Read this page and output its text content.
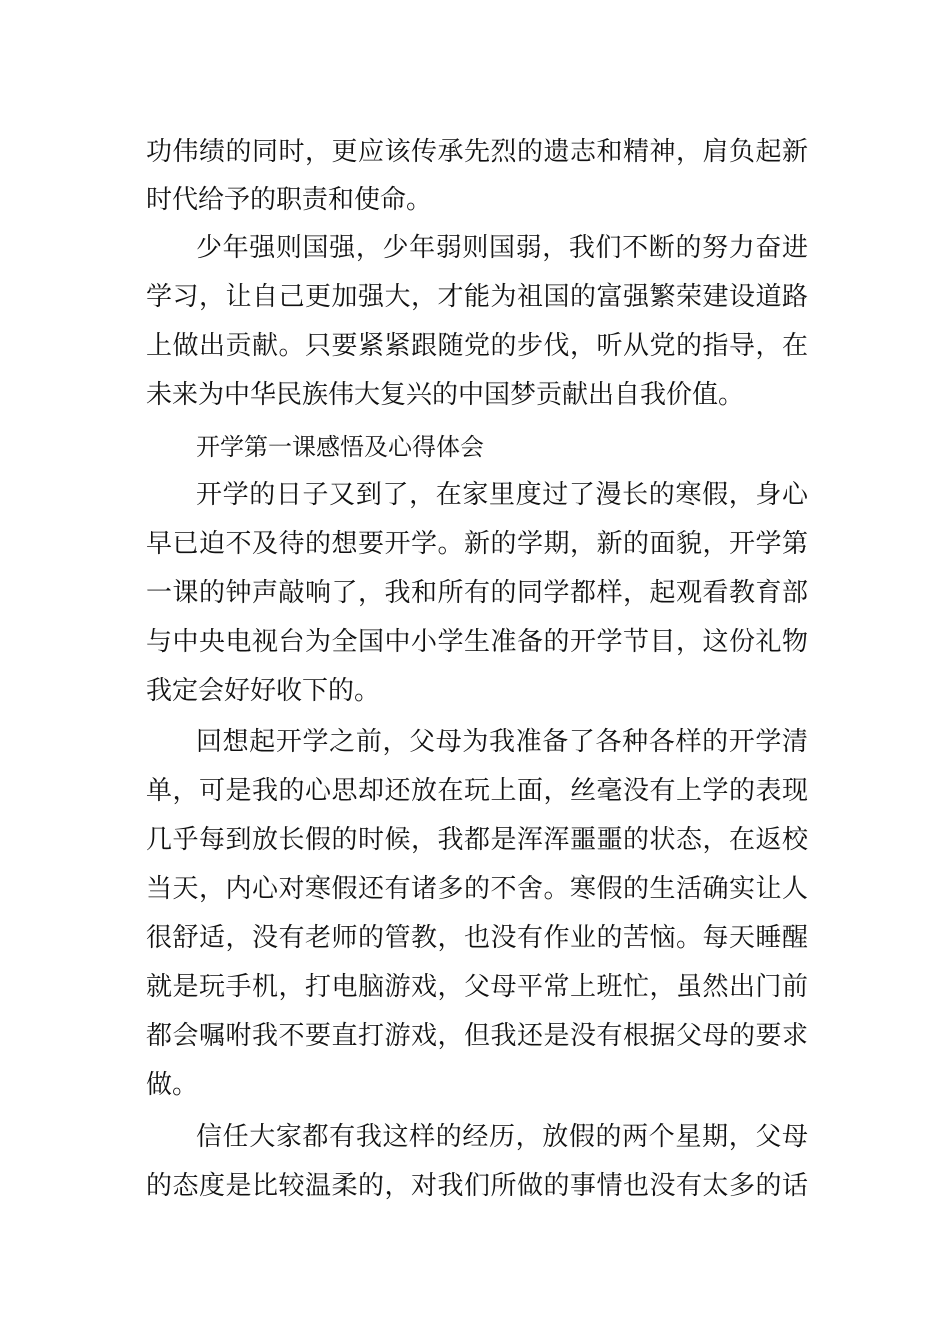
功伟绩的同时，更应该传承先烈的遗志和精神，肩负起新
时代给予的职责和使命。
少年强则国强，少年弱则国弱，我们不断的努力奋进
学习，让自己更加强大，才能为祖国的富强繁荣建设道路
上做出贡献。只要紧紧跟随党的步伐，听从党的指导，在
未来为中华民族伟大复兴的中国梦贡献出自我价值。
开学第一课感悟及心得体会
开学的日子又到了，在家里度过了漫长的寒假，身心
早已迫不及待的想要开学。新的学期，新的面貌，开学第
一课的钟声敲响了，我和所有的同学都样，起观看教育部
与中央电视台为全国中小学生准备的开学节目，这份礼物
我定会好好收下的。
回想起开学之前，父母为我准备了各种各样的开学清
单，可是我的心思却还放在玩上面，丝毫没有上学的表现
几乎每到放长假的时候，我都是浑浑噩噩的状态，在返校
当天，内心对寒假还有诸多的不舍。寒假的生活确实让人
很舒适，没有老师的管教，也没有作业的苦恼。每天睡醒
就是玩手机，打电脑游戏，父母平常上班忙，虽然出门前
都会嘱咐我不要直打游戏，但我还是没有根据父母的要求
做。
信任大家都有我这样的经历，放假的两个星期，父母
的态度是比较温柔的，对我们所做的事情也没有太多的话
